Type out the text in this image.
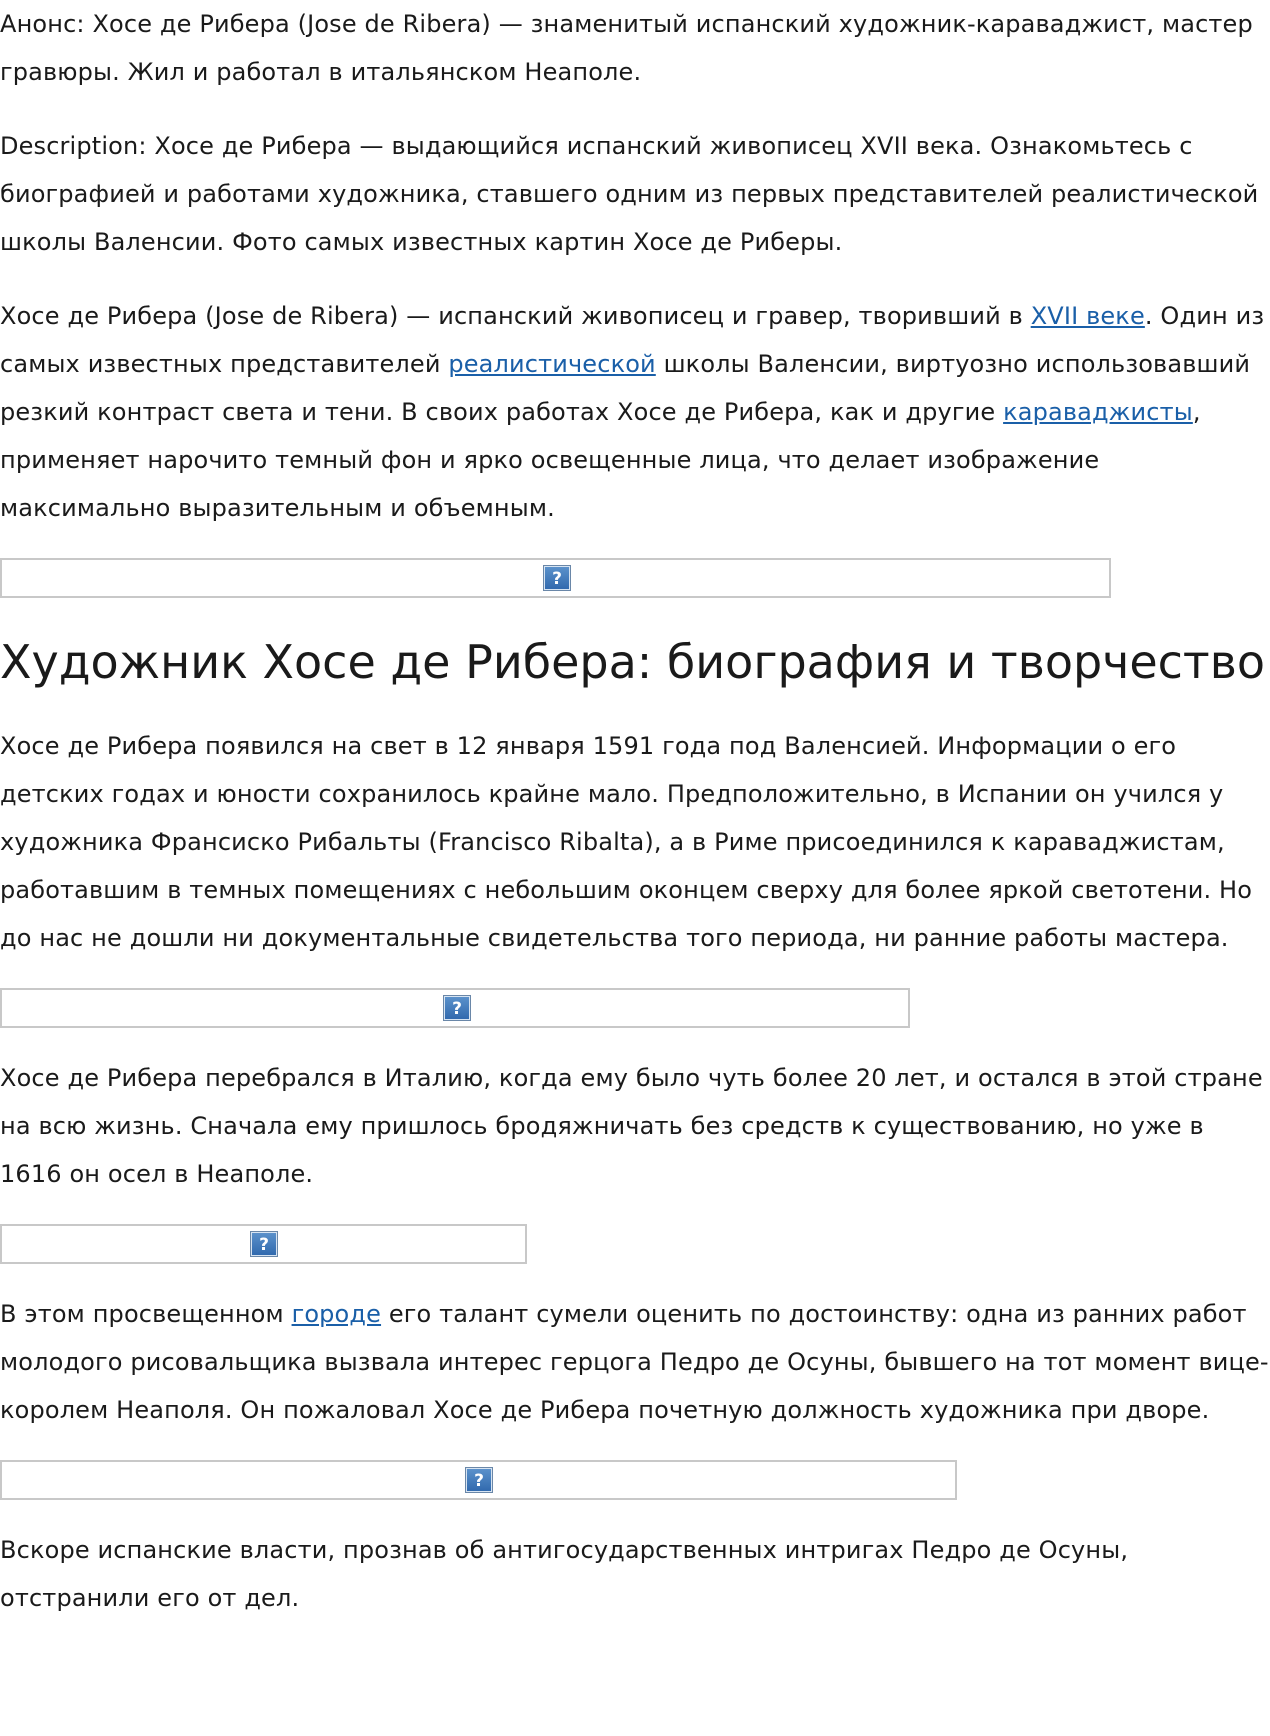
Анонс: Хосе де Рибера (Jose de Ribera) — знаменитый испанский художник-караваджист, мастер гравюры. Жил и работал в итальянском Неаполе.

Description: Хосе де Рибера — выдающийся испанский живописец XVII века. Ознакомьтесь с биографией и работами художника, ставшего одним из первых представителей реалистической школы Валенсии. Фото самых известных картин Хосе де Риберы.

Хосе де Рибера (Jose de Ribera) — испанский живописец и гравер, творивший в XVII веке. Один из самых известных представителей реалистической школы Валенсии, виртуозно использовавший резкий контраст света и тени. В своих работах Хосе де Рибера, как и другие караваджисты, применяет нарочито темный фон и ярко освещенные лица, что делает изображение максимально выразительным и объемным.

?
Художник Хосе де Рибера: биография и творчество

Хосе де Рибера появился на свет в 12 января 1591 года под Валенсией. Информации о его детских годах и юности сохранилось крайне мало. Предположительно, в Испании он учился у художника Франсиско Рибальты (Francisco Ribalta), а в Риме присоединился к караваджистам, работавшим в темных помещениях с небольшим оконцем сверху для более яркой светотени. Но до нас не дошли ни документальные свидетельства того периода, ни ранние работы мастера.

?

Хосе де Рибера перебрался в Италию, когда ему было чуть более 20 лет, и остался в этой стране на всю жизнь. Сначала ему пришлось бродяжничать без средств к существованию, но уже в 1616 он осел в Неаполе.

?

В этом просвещенном городе его талант сумели оценить по достоинству: одна из ранних работ молодого рисовальщика вызвала интерес герцога Педро де Осуны, бывшего на тот момент вице-королем Неаполя. Он пожаловал Хосе де Рибера почетную должность художника при дворе.

?

Вскоре испанские власти, прознав об антигосударственных интригах Педро де Осуны, отстранили его от дел.
